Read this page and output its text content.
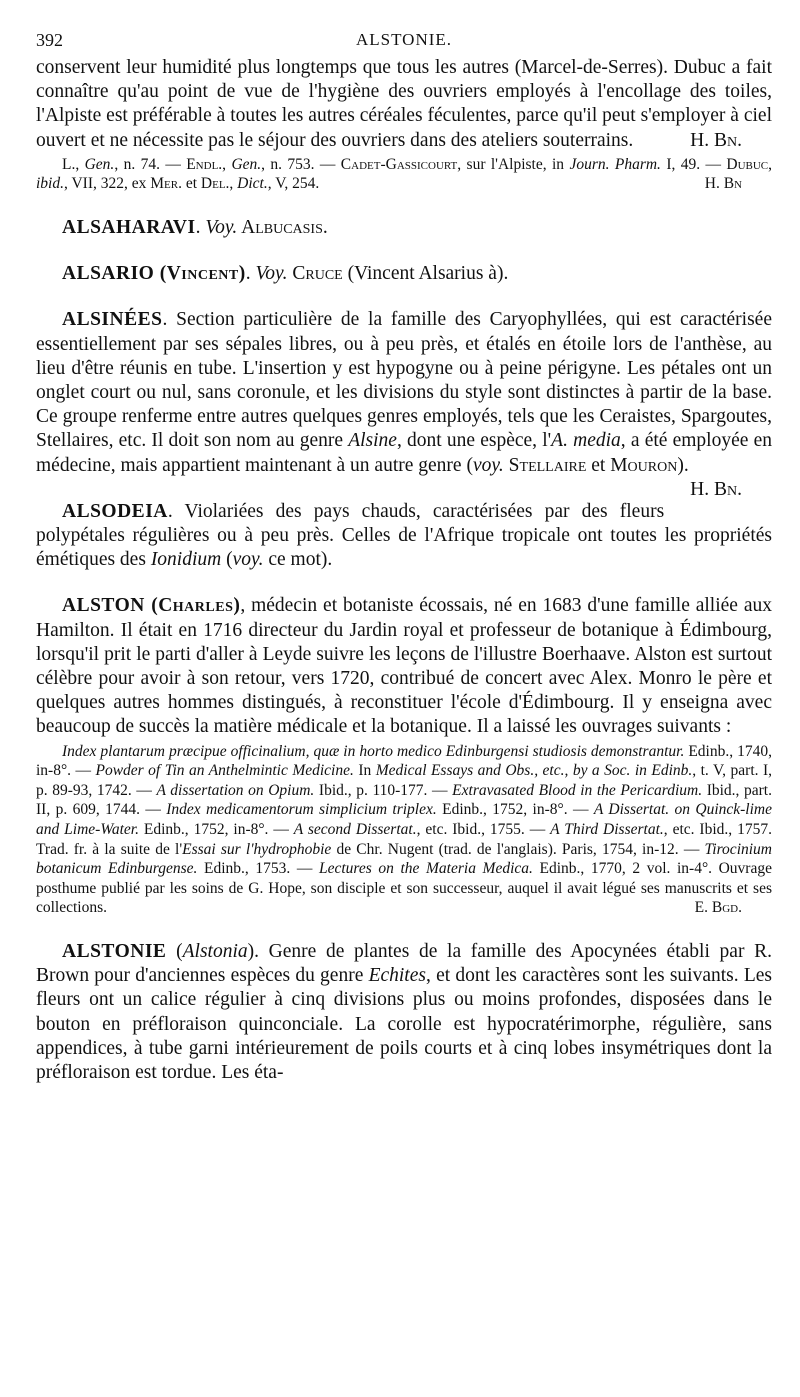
392	ALSTONIE.

conservent leur humidité plus longtemps que tous les autres (Marcel-de-Serres). Dubuc a fait connaître qu'au point de vue de l'hygiène des ouvriers employés à l'encollage des toiles, l'Alpiste est préférable à toutes les autres céréales féculentes, parce qu'il peut s'employer à ciel ouvert et ne nécessite pas le séjour des ouvriers dans des ateliers souterrains.	H. Bn.

L., Gen., n. 74. — Endl., Gen., n. 753. — Cadet-Gassicourt, sur l'Alpiste, in Journ. Pharm. I, 49. — Dubuc, ibid., VII, 322, ex Mer. et Del., Dict., V, 254.	H. Bn

ALSAHARAVI. Voy. Albucasis.

ALSARIO (Vincent). Voy. Cruce (Vincent Alsarius à).

ALSINÉES. Section particulière de la famille des Caryophyllées, qui est caractérisée essentiellement par ses sépales libres, ou à peu près, et étalés en étoile lors de l'anthèse, au lieu d'être réunis en tube. L'insertion y est hypogyne ou à peine périgyne. Les pétales ont un onglet court ou nul, sans coronule, et les divisions du style sont distinctes à partir de la base. Ce groupe renferme entre autres quelques genres employés, tels que les Ceraistes, Spargoutes, Stellaires, etc. Il doit son nom au genre Alsine, dont une espèce, l'A. media, a été employée en médecine, mais appartient maintenant à un autre genre (voy. Stellaire et Mouron).
H. Bn.

ALSODEIA. Violariées des pays chauds, caractérisées par des fleurs polypétales régulières ou à peu près. Celles de l'Afrique tropicale ont toutes les propriétés émétiques des Ionidium (voy. ce mot).

ALSTON (Charles), médecin et botaniste écossais, né en 1683 d'une famille alliée aux Hamilton. Il était en 1716 directeur du Jardin royal et professeur de botanique à Édimbourg, lorsqu'il prit le parti d'aller à Leyde suivre les leçons de l'illustre Boerhaave. Alston est surtout célèbre pour avoir à son retour, vers 1720, contribué de concert avec Alex. Monro le père et quelques autres hommes distingués, à reconstituer l'école d'Édimbourg. Il y enseigna avec beaucoup de succès la matière médicale et la botanique. Il a laissé les ouvrages suivants :

Index plantarum præcipue officinalium, quæ in horto medico Edinburgensi studiosis demonstrantur. Edinb., 1740, in-8°. — Powder of Tin an Anthelmintic Medicine. In Medical Essays and Obs., etc., by a Soc. in Edinb., t. V, part. I, p. 89-93, 1742. — A dissertation on Opium. Ibid., p. 110-177. — Extravasated Blood in the Pericardium. Ibid., part. II, p. 609, 1744. — Index medicamentorum simplicium triplex. Edinb., 1752, in-8°. — A Dissertat. on Quinck-lime and Lime-Water. Edinb., 1752, in-8°. — A second Dissertat., etc. Ibid., 1755. — A Third Dissertat., etc. Ibid., 1757. Trad. fr. à la suite de l'Essai sur l'hydrophobie de Chr. Nugent (trad. de l'anglais). Paris, 1754, in-12. — Tirocinium botanicum Edinburgense. Edinb., 1753. — Lectures on the Materia Medica. Edinb., 1770, 2 vol. in-4°. Ouvrage posthume publié par les soins de G. Hope, son disciple et son successeur, auquel il avait légué ses manuscrits et ses collections.	E. Bgd.

ALSTONIE (Alstonia). Genre de plantes de la famille des Apocynées établi par R. Brown pour d'anciennes espèces du genre Echites, et dont les caractères sont les suivants. Les fleurs ont un calice régulier à cinq divisions plus ou moins profondes, disposées dans le bouton en préfloraison quinconciale. La corolle est hypocratérimorphe, régulière, sans appendices, à tube garni intérieurement de poils courts et à cinq lobes insymétriques dont la préfloraison est tordue. Les éta-
